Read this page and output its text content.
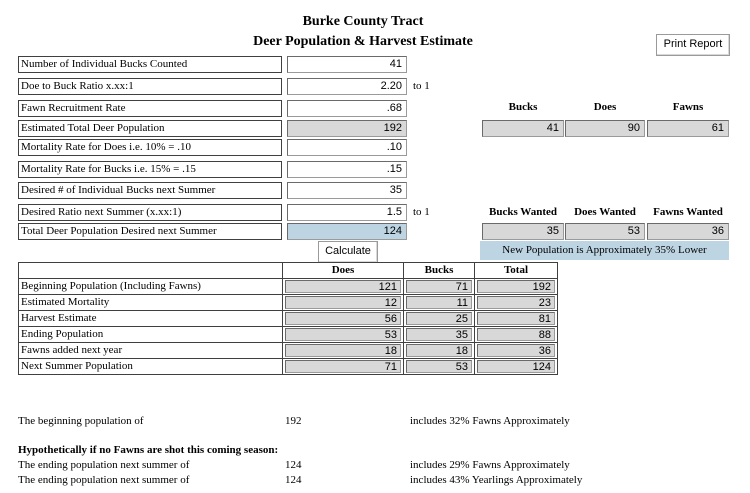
Burke County Tract
Deer Population & Harvest Estimate	Print Report
Number of Individual Bucks Counted	41
Doe to Buck Ratio x.xx:1	2.20	to 1
Fawn Recruitment Rate	.68
Estimated Total Deer Population	192
Mortality Rate for Does i.e. 10% = .10	.10
Mortality Rate for Bucks i.e. 15% = .15	.15
Desired # of Individual Bucks next Summer	35
Desired Ratio next Summer (x.xx:1)	1.5	to 1
Total Deer Population Desired next Summer	124
Calculate
Bucks	Does	Fawns
41	90	61
Bucks Wanted	Does Wanted	Fawns Wanted
35	53	36
New Population is Approximately 35% Lower
	Does	Bucks	Total
Beginning Population (Including Fawns)	121	71	192

Estimated Mortality	12	11	23

Harvest Estimate	56	25	81

Ending Population	53	35	88

Fawns added next year	18	18	36

Next Summer Population	71	53	124
The beginning population of	192	includes 32% Fawns Approximately
Hypothetically if no Fawns are shot this coming season:
The ending population next summer of	124	includes 29% Fawns Approximately
The ending population next summer of	124	includes 43% Yearlings Approximately
